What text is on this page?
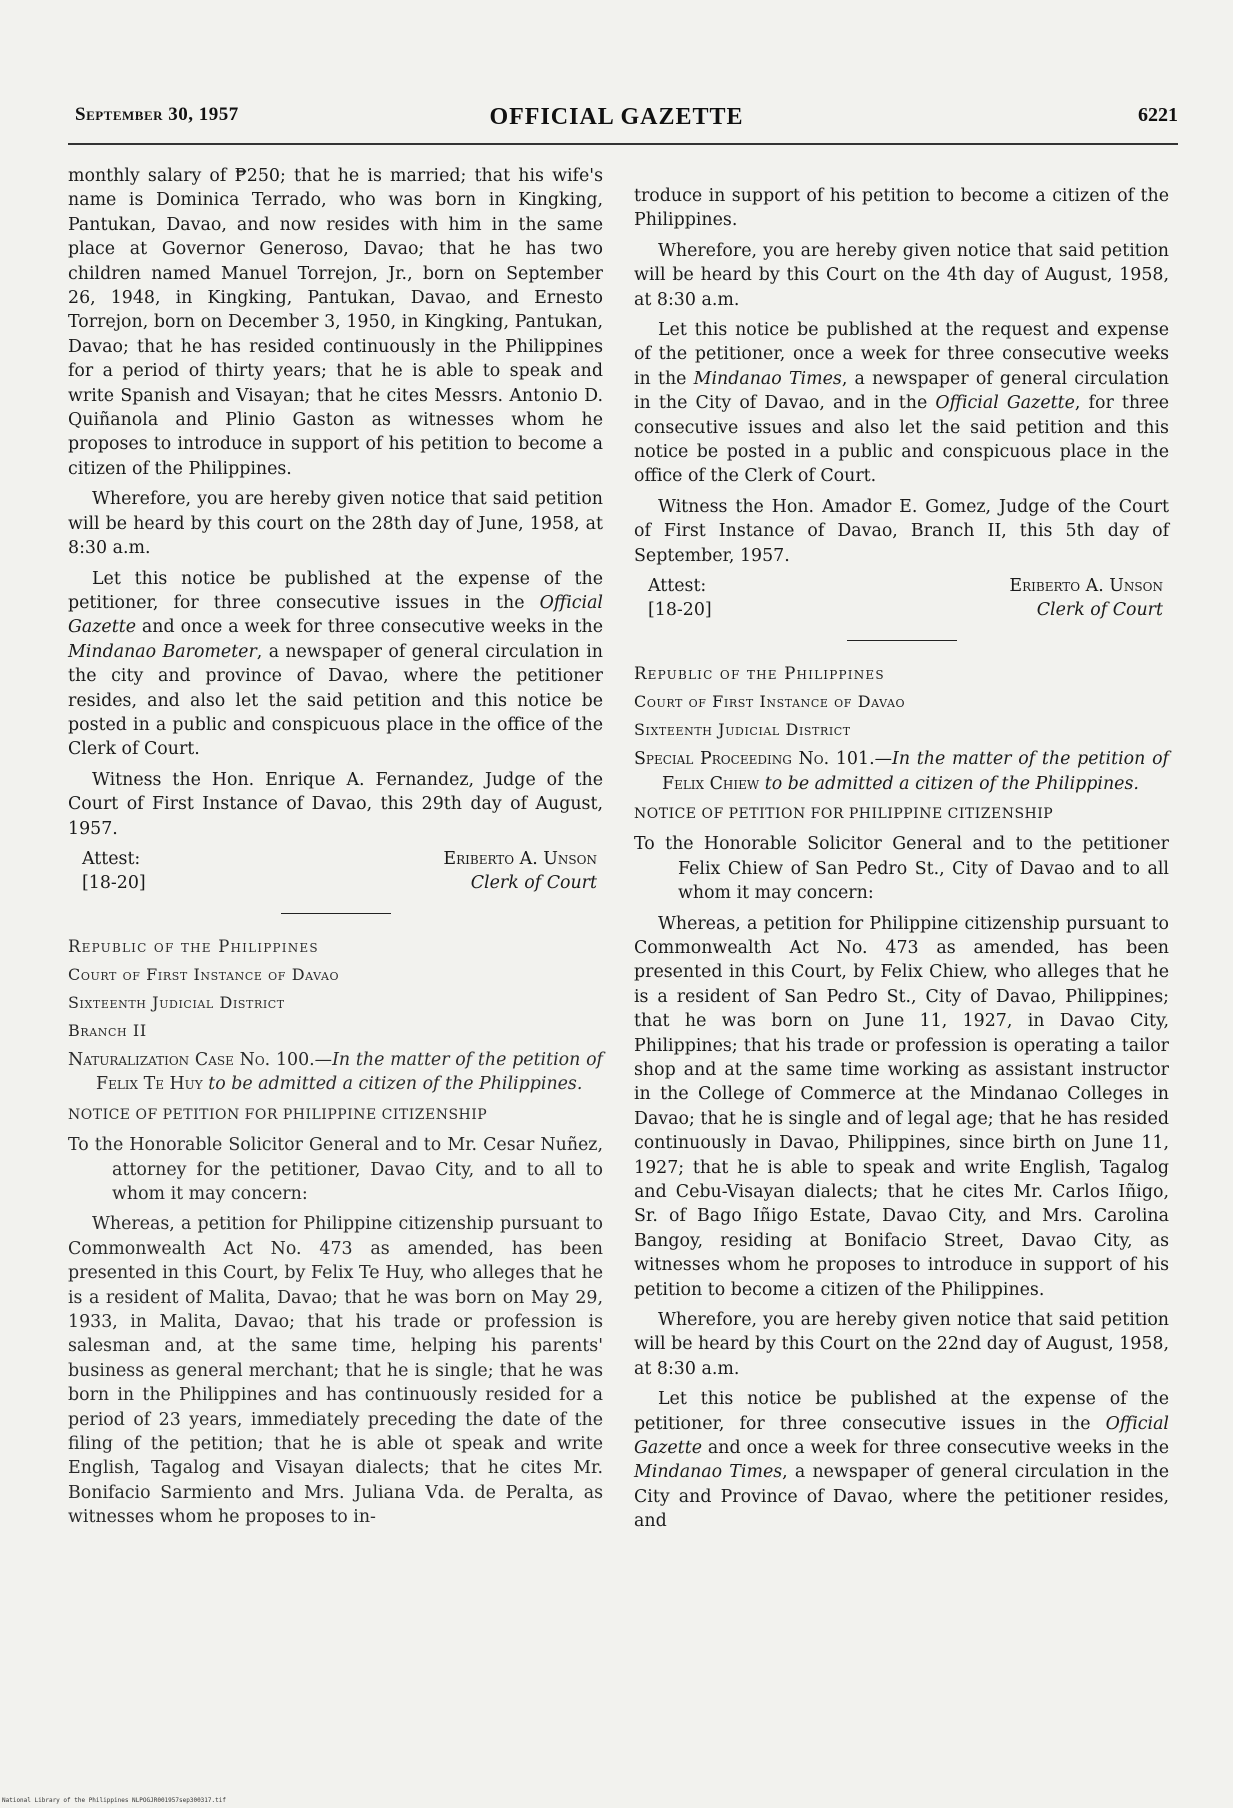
September 30, 1957	OFFICIAL GAZETTE	6221

monthly salary of ₱250; that he is married; that his wife's name is Dominica Terrado, who was born in Kingking, Pantukan, Davao, and now resides with him in the same place at Governor Generoso, Davao; that he has two children named Manuel Torrejon, Jr., born on September 26, 1948, in Kingking, Pantukan, Davao, and Ernesto Torrejon, born on December 3, 1950, in Kingking, Pantukan, Davao; that he has resided continuously in the Philippines for a period of thirty years; that he is able to speak and write Spanish and Visayan; that he cites Messrs. Antonio D. Quiñanola and Plinio Gaston as witnesses whom he proposes to introduce in support of his petition to become a citizen of the Philippines.

Wherefore, you are hereby given notice that said petition will be heard by this court on the 28th day of June, 1958, at 8:30 a.m.

Let this notice be published at the expense of the petitioner, for three consecutive issues in the Official Gazette and once a week for three consecutive weeks in the Mindanao Barometer, a newspaper of general circulation in the city and province of Davao, where the petitioner resides, and also let the said petition and this notice be posted in a public and conspicuous place in the office of the Clerk of Court.

Witness the Hon. Enrique A. Fernandez, Judge of the Court of First Instance of Davao, this 29th day of August, 1957.

Attest:
[18-20]
Eriberto A. Unson
Clerk of Court

Republic of the Philippines

Court of First Instance of Davao

Sixteenth Judicial District

Branch II

Naturalization Case No. 100.—In the matter of the petition of Felix Te Huy to be admitted a citizen of the Philippines.

NOTICE OF PETITION FOR PHILIPPINE CITIZENSHIP

To the Honorable Solicitor General and to Mr. Cesar Nuñez, attorney for the petitioner, Davao City, and to all to whom it may concern:

Whereas, a petition for Philippine citizenship pursuant to Commonwealth Act No. 473 as amended, has been presented in this Court, by Felix Te Huy, who alleges that he is a resident of Malita, Davao; that he was born on May 29, 1933, in Malita, Davao; that his trade or profession is salesman and, at the same time, helping his parents' business as general merchant; that he is single; that he was born in the Philippines and has continuously resided for a period of 23 years, immediately preceding the date of the filing of the petition; that he is able ot speak and write English, Tagalog and Visayan dialects; that he cites Mr. Bonifacio Sarmiento and Mrs. Juliana Vda. de Peralta, as witnesses whom he proposes to in-

troduce in support of his petition to become a citizen of the Philippines.

Wherefore, you are hereby given notice that said petition will be heard by this Court on the 4th day of August, 1958, at 8:30 a.m.

Let this notice be published at the request and expense of the petitioner, once a week for three consecutive weeks in the Mindanao Times, a newspaper of general circulation in the City of Davao, and in the Official Gazette, for three consecutive issues and also let the said petition and this notice be posted in a public and conspicuous place in the office of the Clerk of Court.

Witness the Hon. Amador E. Gomez, Judge of the Court of First Instance of Davao, Branch II, this 5th day of September, 1957.

Attest:
[18-20]
Eriberto A. Unson
Clerk of Court

Republic of the Philippines

Court of First Instance of Davao

Sixteenth Judicial District

Special Proceeding No. 101.—In the matter of the petition of Felix Chiew to be admitted a citizen of the Philippines.

NOTICE OF PETITION FOR PHILIPPINE CITIZENSHIP

To the Honorable Solicitor General and to the petitioner Felix Chiew of San Pedro St., City of Davao and to all whom it may concern:

Whereas, a petition for Philippine citizenship pursuant to Commonwealth Act No. 473 as amended, has been presented in this Court, by Felix Chiew, who alleges that he is a resident of San Pedro St., City of Davao, Philippines; that he was born on June 11, 1927, in Davao City, Philippines; that his trade or profession is operating a tailor shop and at the same time working as assistant instructor in the College of Commerce at the Mindanao Colleges in Davao; that he is single and of legal age; that he has resided continuously in Davao, Philippines, since birth on June 11, 1927; that he is able to speak and write English, Tagalog and Cebu-Visayan dialects; that he cites Mr. Carlos Iñigo, Sr. of Bago Iñigo Estate, Davao City, and Mrs. Carolina Bangoy, residing at Bonifacio Street, Davao City, as witnesses whom he proposes to introduce in support of his petition to become a citizen of the Philippines.

Wherefore, you are hereby given notice that said petition will be heard by this Court on the 22nd day of August, 1958, at 8:30 a.m.

Let this notice be published at the expense of the petitioner, for three consecutive issues in the Official Gazette and once a week for three consecutive weeks in the Mindanao Times, a newspaper of general circulation in the City and Province of Davao, where the petitioner resides, and

National Library of the Philippines NLPOGJR001957sep300317.tif
